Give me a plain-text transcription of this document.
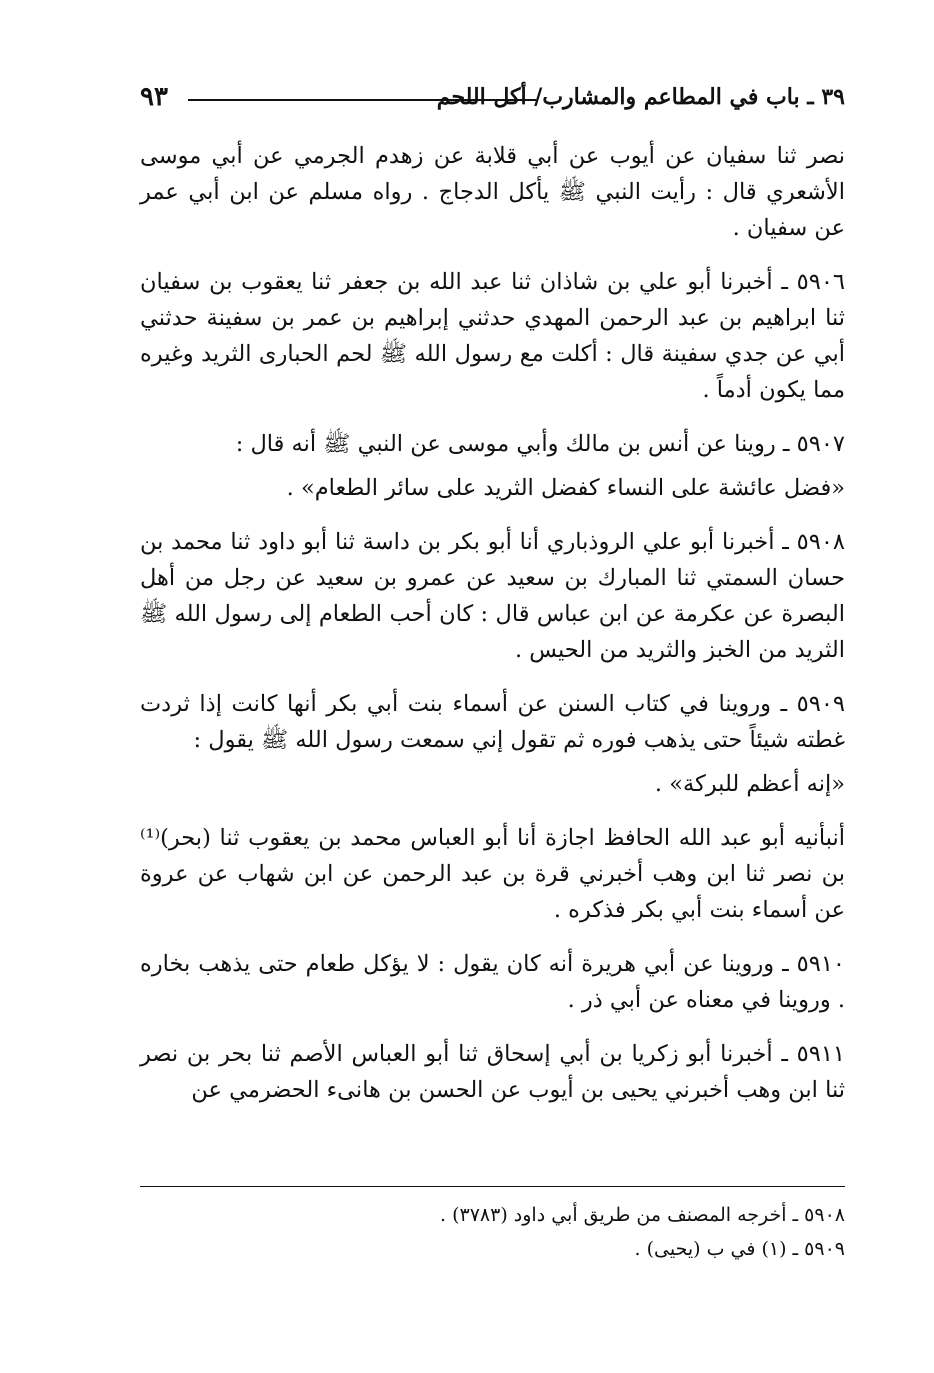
٩٣	٣٩ ـ باب في المطاعم والمشارب/ أكل اللحم

نصر ثنا سفيان عن أيوب عن أبي قلابة عن زهدم الجرمي عن أبي موسى الأشعري قال : رأيت النبي ﷺ يأكل الدجاج . رواه مسلم عن ابن أبي عمر عن سفيان .

٥٩٠٦ ـ أخبرنا أبو علي بن شاذان ثنا عبد الله بن جعفر ثنا يعقوب بن سفيان ثنا ابراهيم بن عبد الرحمن المهدي حدثني إبراهيم بن عمر بن سفينة حدثني أبي عن جدي سفينة قال : أكلت مع رسول الله ﷺ لحم الحبارى الثريد وغيره مما يكون أدماً .

٥٩٠٧ ـ روينا عن أنس بن مالك وأبي موسى عن النبي ﷺ أنه قال :

«فضل عائشة على النساء كفضل الثريد على سائر الطعام» .

٥٩٠٨ ـ أخبرنا أبو علي الروذباري أنا أبو بكر بن داسة ثنا أبو داود ثنا محمد بن حسان السمتي ثنا المبارك بن سعيد عن عمرو بن سعيد عن رجل من أهل البصرة عن عكرمة عن ابن عباس قال : كان أحب الطعام إلى رسول الله ﷺ الثريد من الخبز والثريد من الحيس .

٥٩٠٩ ـ وروينا في كتاب السنن عن أسماء بنت أبي بكر أنها كانت إذا ثردت غطته شيئاً حتى يذهب فوره ثم تقول إني سمعت رسول الله ﷺ يقول :

«إنه أعظم للبركة» .

أنبأنيه أبو عبد الله الحافظ اجازة أنا أبو العباس محمد بن يعقوب ثنا (بحر)⁽¹⁾ بن نصر ثنا ابن وهب أخبرني قرة بن عبد الرحمن عن ابن شهاب عن عروة عن أسماء بنت أبي بكر فذكره .

٥٩١٠ ـ وروينا عن أبي هريرة أنه كان يقول : لا يؤكل طعام حتى يذهب بخاره . وروينا في معناه عن أبي ذر .

٥٩١١ ـ أخبرنا أبو زكريا بن أبي إسحاق ثنا أبو العباس الأصم ثنا بحر بن نصر ثنا ابن وهب أخبرني يحيى بن أيوب عن الحسن بن هانىء الحضرمي عن

٥٩٠٨ ـ أخرجه المصنف من طريق أبي داود (٣٧٨٣) .

٥٩٠٩ ـ (١) في ب (يحيى) .
